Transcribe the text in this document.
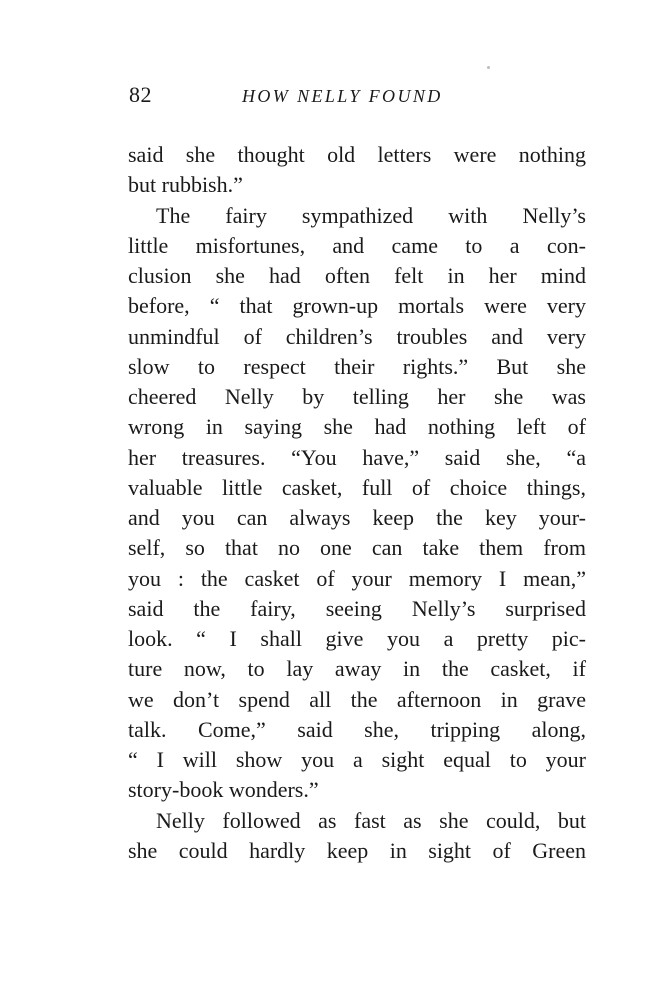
82	HOW NELLY FOUND
said she thought old letters were nothing
but rubbish.”
The fairy sympathized with Nelly’s
little misfortunes, and came to a con-
clusion she had often felt in her mind
before, “ that grown-up mortals were very
unmindful of children’s troubles and very
slow to respect their rights.” But she
cheered Nelly by telling her she was
wrong in saying she had nothing left of
her treasures. “You have,” said she, “a
valuable little casket, full of choice things,
and you can always keep the key your-
self, so that no one can take them from
you : the casket of your memory I mean,”
said the fairy, seeing Nelly’s surprised
look. “ I shall give you a pretty pic-
ture now, to lay away in the casket, if
we don’t spend all the afternoon in grave
talk. Come,” said she, tripping along,
“ I will show you a sight equal to your
story-book wonders.”
Nelly followed as fast as she could, but
she could hardly keep in sight of Green
